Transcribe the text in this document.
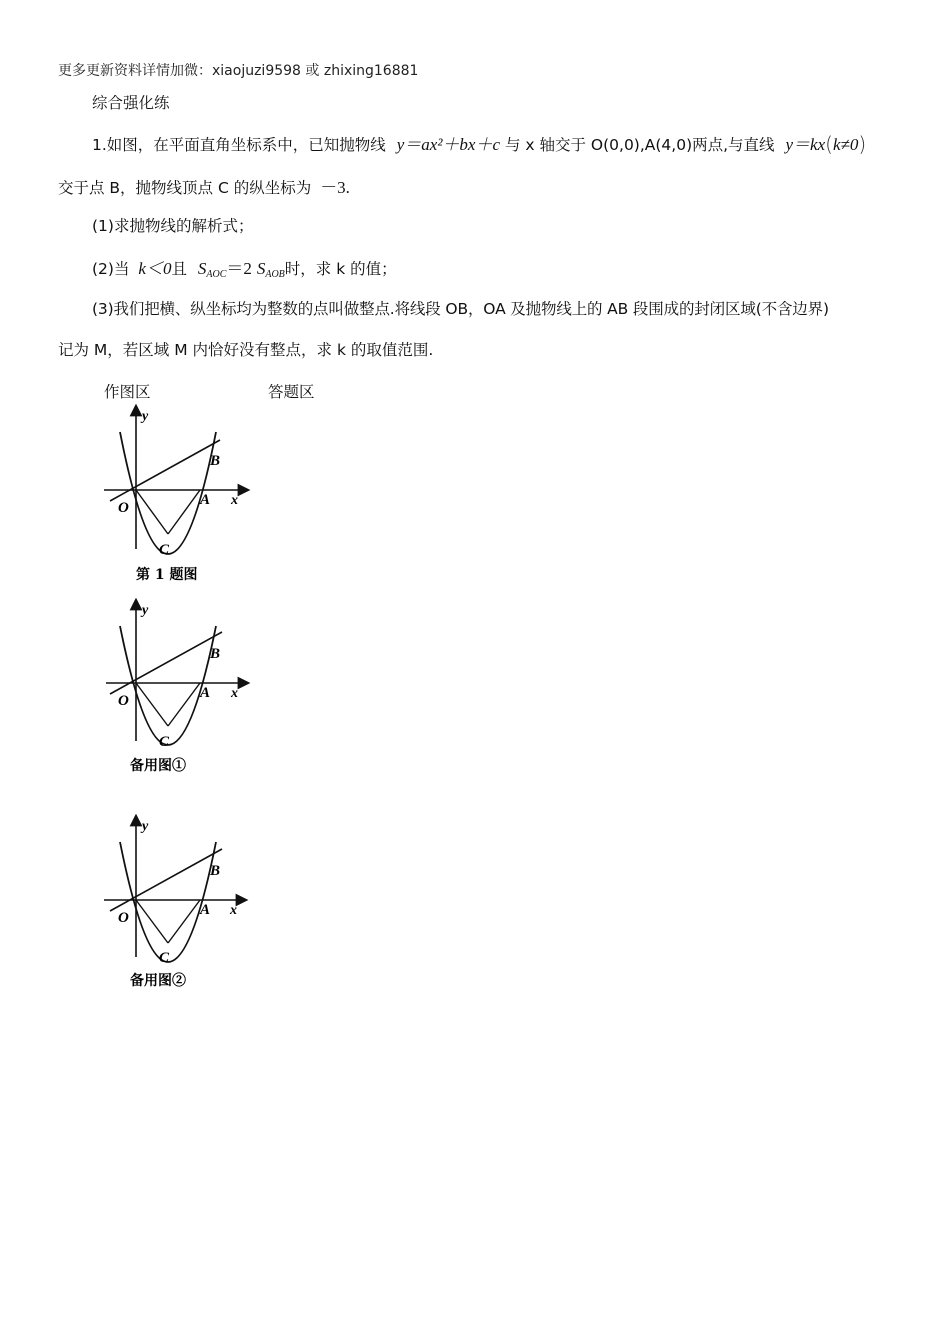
更多更新资料详情加微：xiaojuzi9598 或 zhixing16881
综合强化练
1.如图，在平面直角坐标系中，已知抛物线 y＝ax²＋bx＋c 与 x 轴交于 O(0,0),A(4,0)两点,与直线 y＝kx(k≠0)
交于点 B，抛物线顶点 C 的纵坐标为 －3.
(1)求抛物线的解析式；
(2)当 k＜0且 $S_{AOC}=2$ $S_{AOB}$时，求 k 的值；
(3)我们把横、纵坐标均为整数的点叫做整点.将线段 OB，OA 及抛物线上的 AB 段围成的封闭区域(不含边界)
记为 M，若区域 M 内恰好没有整点，求 k 的取值范围.
作图区	答题区
y
x
O	A
B
C
第 1 题图
y
x
O	A
B
C
备用图①
y
x
O	A
B
C
备用图②
